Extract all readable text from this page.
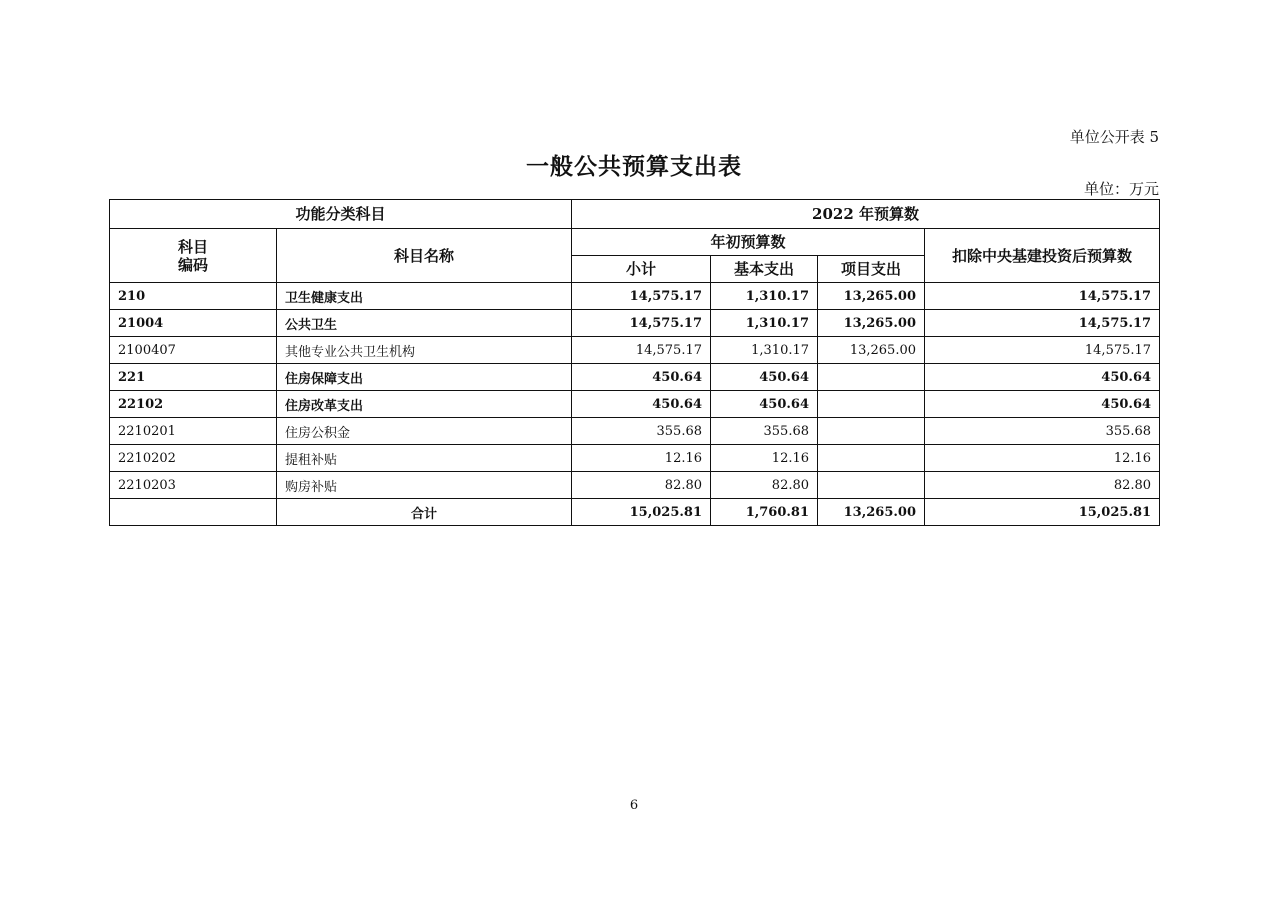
单位公开表 5
一般公共预算支出表
单位：万元
功能分类科目		2022 年预算数			
科目
编码	科目名称	年初预算数			扣除中央基建投资后预算数
		小计	基本支出	项目支出	
210	卫生健康支出	14,575.17	1,310.17	13,265.00	14,575.17
21004	公共卫生	14,575.17	1,310.17	13,265.00	14,575.17
2100407	其他专业公共卫生机构	14,575.17	1,310.17	13,265.00	14,575.17
221	住房保障支出	450.64	450.64		450.64
22102	住房改革支出	450.64	450.64		450.64
2210201	住房公积金	355.68	355.68		355.68
2210202	提租补贴	12.16	12.16		12.16
2210203	购房补贴	82.80	82.80		82.80
	合计	15,025.81	1,760.81	13,265.00	15,025.81
6
